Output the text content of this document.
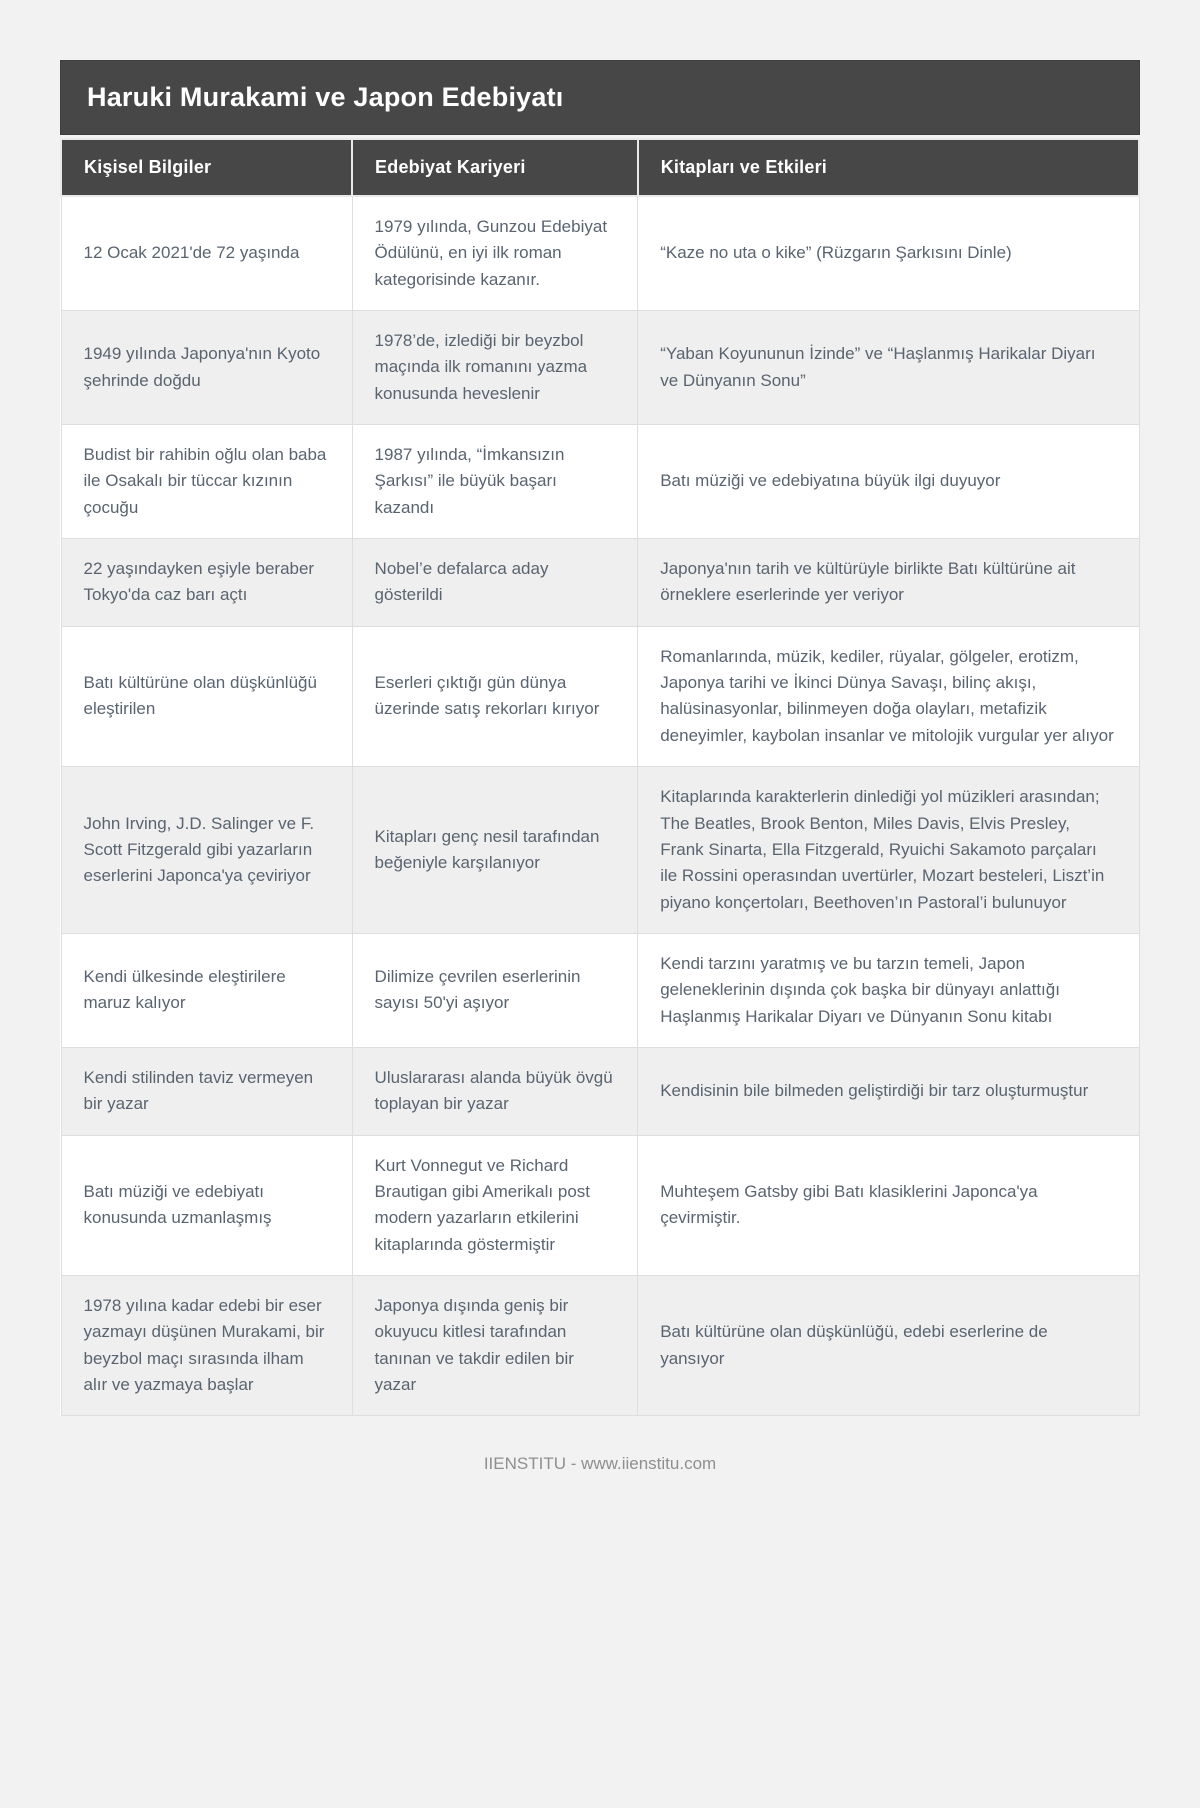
Haruki Murakami ve Japon Edebiyatı
Kişisel Bilgiler	Edebiyat Kariyeri	Kitapları ve Etkileri
12 Ocak 2021'de 72 yaşında	1979 yılında, Gunzou Edebiyat Ödülünü, en iyi ilk roman kategorisinde kazanır.	“Kaze no uta o kike” (Rüzgarın Şarkısını Dinle)
1949 yılında Japonya'nın Kyoto şehrinde doğdu	1978’de, izlediği bir beyzbol maçında ilk romanını yazma konusunda heveslenir	“Yaban Koyununun İzinde” ve “Haşlanmış Harikalar Diyarı ve Dünyanın Sonu”
Budist bir rahibin oğlu olan baba ile Osakalı bir tüccar kızının çocuğu	1987 yılında, “İmkansızın Şarkısı” ile büyük başarı kazandı	Batı müziği ve edebiyatına büyük ilgi duyuyor
22 yaşındayken eşiyle beraber Tokyo'da caz barı açtı	Nobel’e defalarca aday gösterildi	Japonya'nın tarih ve kültürüyle birlikte Batı kültürüne ait örneklere eserlerinde yer veriyor
Batı kültürüne olan düşkünlüğü eleştirilen	Eserleri çıktığı gün dünya üzerinde satış rekorları kırıyor	Romanlarında, müzik, kediler, rüyalar, gölgeler, erotizm, Japonya tarihi ve İkinci Dünya Savaşı, bilinç akışı, halüsinasyonlar, bilinmeyen doğa olayları, metafizik deneyimler, kaybolan insanlar ve mitolojik vurgular yer alıyor
John Irving, J.D. Salinger ve F. Scott Fitzgerald gibi yazarların eserlerini Japonca'ya çeviriyor	Kitapları genç nesil tarafından beğeniyle karşılanıyor	Kitaplarında karakterlerin dinlediği yol müzikleri arasından; The Beatles, Brook Benton, Miles Davis, Elvis Presley, Frank Sinarta, Ella Fitzgerald, Ryuichi Sakamoto parçaları ile Rossini operasından uvertürler, Mozart besteleri, Liszt’in piyano konçertoları, Beethoven’ın Pastoral’i bulunuyor
Kendi ülkesinde eleştirilere maruz kalıyor	Dilimize çevrilen eserlerinin sayısı 50'yi aşıyor	Kendi tarzını yaratmış ve bu tarzın temeli, Japon geleneklerinin dışında çok başka bir dünyayı anlattığı Haşlanmış Harikalar Diyarı ve Dünyanın Sonu kitabı
Kendi stilinden taviz vermeyen bir yazar	Uluslararası alanda büyük övgü toplayan bir yazar	Kendisinin bile bilmeden geliştirdiği bir tarz oluşturmuştur
Batı müziği ve edebiyatı konusunda uzmanlaşmış	Kurt Vonnegut ve Richard Brautigan gibi Amerikalı post modern yazarların etkilerini kitaplarında göstermiştir	Muhteşem Gatsby gibi Batı klasiklerini Japonca'ya çevirmiştir.
1978 yılına kadar edebi bir eser yazmayı düşünen Murakami, bir beyzbol maçı sırasında ilham alır ve yazmaya başlar	Japonya dışında geniş bir okuyucu kitlesi tarafından tanınan ve takdir edilen bir yazar	Batı kültürüne olan düşkünlüğü, edebi eserlerine de yansıyor
IIENSTITU - www.iienstitu.com
